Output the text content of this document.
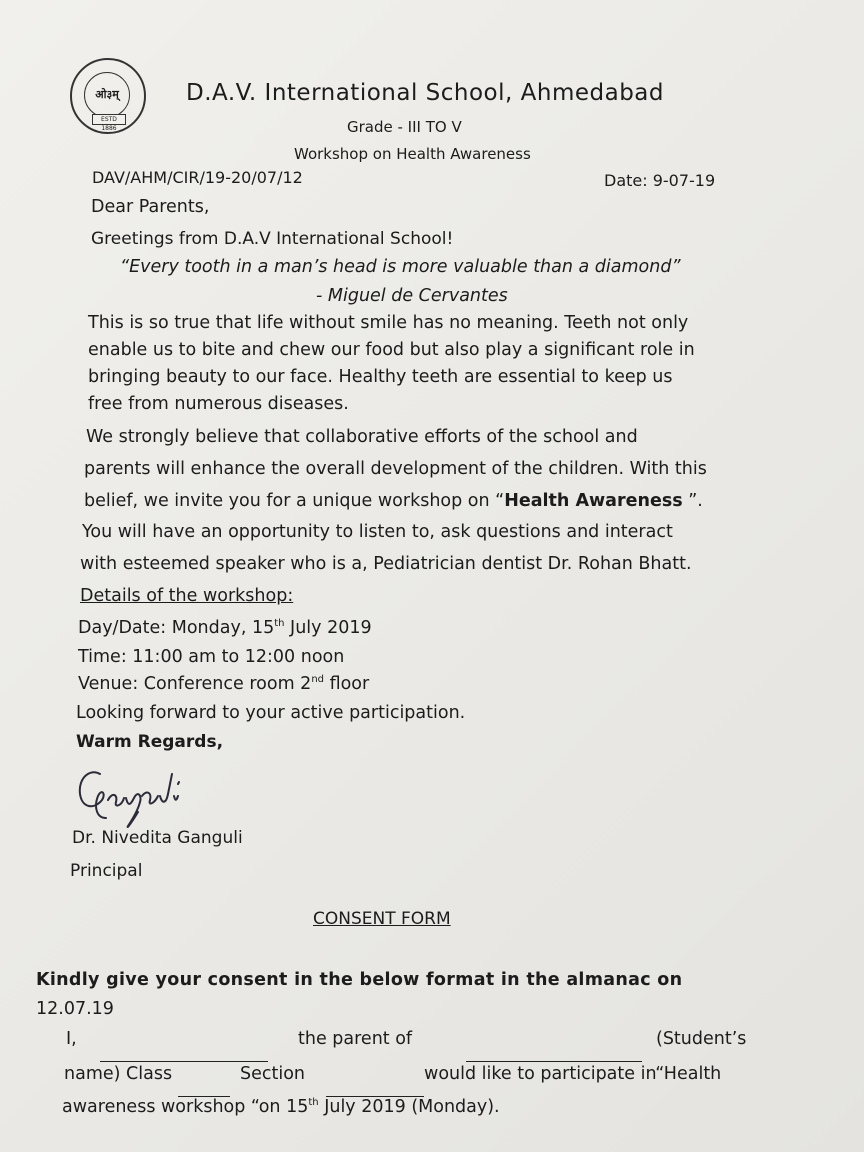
ओ३म्
ESTD 1886
D.A.V. International School, Ahmedabad
Grade - III TO V
Workshop on Health Awareness
DAV/AHM/CIR/19-20/07/12	Date: 9-07-19
Dear Parents,
Greetings from D.A.V International School!
“Every tooth in a man’s head is more valuable than a diamond”
- Miguel de Cervantes
This is so true that life without smile has no meaning. Teeth not only
enable us to bite and chew our food but also play a significant role in
bringing beauty to our face. Healthy teeth are essential to keep us
free from numerous diseases.
We strongly believe that collaborative efforts of the school and
parents will enhance the overall development of the children. With this
belief, we invite you for a unique workshop on “Health Awareness ”.
You will have an opportunity to listen to, ask questions and interact
with esteemed speaker who is a, Pediatrician dentist Dr. Rohan Bhatt.
Details of the workshop:
Day/Date: Monday, 15th July 2019
Time: 11:00 am to 12:00 noon
Venue: Conference room 2nd floor
Looking forward to your active participation.
Warm Regards,
Dr. Nivedita Ganguli
Principal
CONSENT FORM
Kindly give your consent in the below format in the almanac on
12.07.19
I,	the parent of	(Student’s
name) Class	Section	would like to participate in“Health
awareness workshop “on 15th July 2019 (Monday).
